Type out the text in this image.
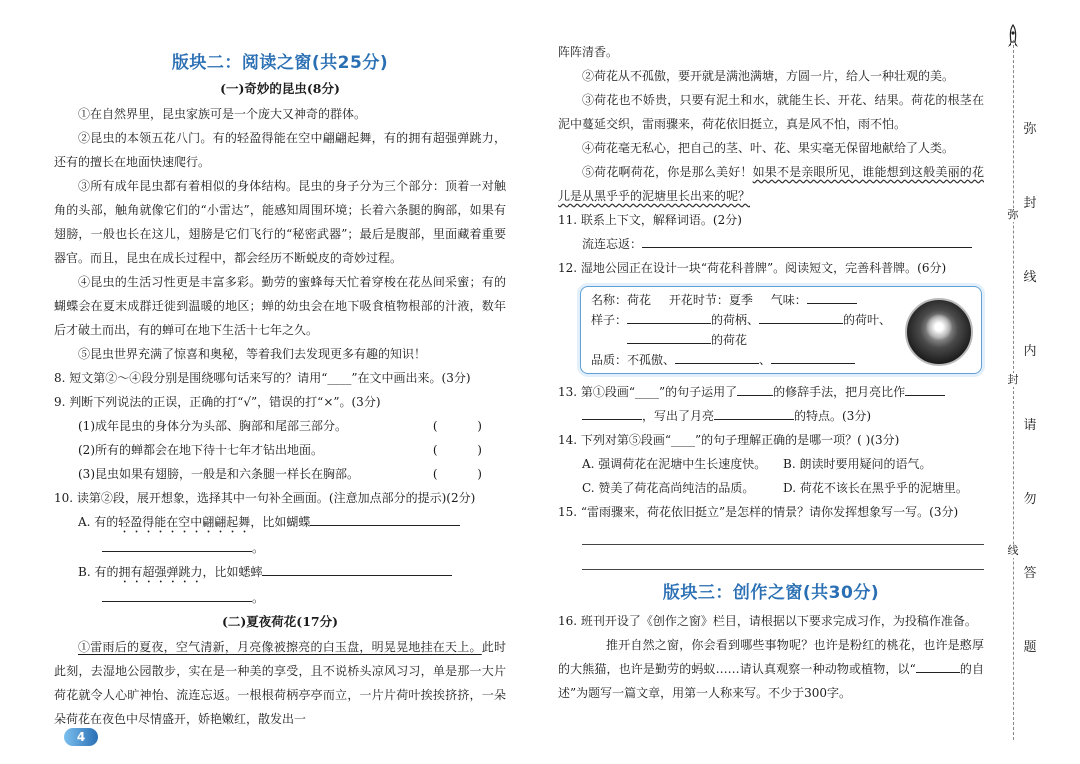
版块二：阅读之窗(共25分)
(一)奇妙的昆虫(8分)

①在自然界里，昆虫家族可是一个庞大又神奇的群体。

②昆虫的本领五花八门。有的轻盈得能在空中翩翩起舞，有的拥有超强弹跳力，还有的擅长在地面快速爬行。

③所有成年昆虫都有着相似的身体结构。昆虫的身子分为三个部分：顶着一对触角的头部，触角就像它们的“小雷达”，能感知周围环境；长着六条腿的胸部，如果有翅膀，一般也长在这儿，翅膀是它们飞行的“秘密武器”；最后是腹部，里面藏着重要器官。而且，昆虫在成长过程中，都会经历不断蜕皮的奇妙过程。

④昆虫的生活习性更是丰富多彩。勤劳的蜜蜂每天忙着穿梭在花丛间采蜜；有的蝴蝶会在夏末成群迁徙到温暖的地区；蝉的幼虫会在地下吸食植物根部的汁液，数年后才破土而出，有的蝉可在地下生活十七年之久。

⑤昆虫世界充满了惊喜和奥秘，等着我们去发现更多有趣的知识！

8. 短文第②～④段分别是围绕哪句话来写的？请用“____”在文中画出来。(3分)

9. 判断下列说法的正误，正确的打“√”，错误的打“×”。(3分)

(1)成年昆虫的身体分为头部、胸部和尾部三部分。	( )
(2)所有的蝉都会在地下待十七年才钻出地面。	( )
(3)昆虫如果有翅膀，一般是和六条腿一样长在胸部。	( )

10. 读第②段，展开想象，选择其中一句补全画面。(注意加点部分的提示)(2分)

A. 有的轻盈得能在空中翩翩起舞，比如蝴蝶

。

B. 有的拥有超强弹跳力，比如蟋蟀

。

(二)夏夜荷花(17分)

①雷雨后的夏夜，空气清新，月亮像被擦亮的白玉盘，明晃晃地挂在天上。此时此刻，去湿地公园散步，实在是一种美的享受，且不说桥头凉风习习，单是那一大片荷花就令人心旷神怡、流连忘返。一根根荷柄亭亭而立，一片片荷叶挨挨挤挤，一朵朵荷花在夜色中尽情盛开，娇艳嫩红，散发出一

4

阵阵清香。

②荷花从不孤傲，要开就是满池满塘，方圆一片，给人一种壮观的美。

③荷花也不娇贵，只要有泥土和水，就能生长、开花、结果。荷花的根茎在泥中蔓延交织，雷雨骤来，荷花依旧挺立，真是风不怕，雨不怕。

④荷花毫无私心，把自己的茎、叶、花、果实毫无保留地献给了人类。

⑤荷花啊荷花，你是那么美好！如果不是亲眼所见，谁能想到这般美丽的花儿是从黑乎乎的泥塘里长出来的呢？

11. 联系上下文，解释词语。(2分)

流连忘返：

12. 湿地公园正在设计一块“荷花科普牌”。阅读短文，完善科普牌。(6分)

名称：荷花 开花时节：夏季 气味：
样子：	的荷柄、	的荷叶、
的荷花
品质：不孤傲、	、

13. 第①段画“____”的句子运用了	的修辞手法，把月亮比作

，写出了月亮	的特点。(3分)

14. 下列对第⑤段画“____”的句子理解正确的是哪一项？( )(3分)

A. 强调荷花在泥塘中生长速度快。	B. 朗读时要用疑问的语气。
C. 赞美了荷花高尚纯洁的品质。	D. 荷花不该长在黑乎乎的泥塘里。

15. “雷雨骤来，荷花依旧挺立”是怎样的情景？请你发挥想象写一写。(3分)

版块三：创作之窗(共30分)

16. 班刊开设了《创作之窗》栏目，请根据以下要求完成习作，为投稿作准备。

推开自然之窗，你会看到哪些事物呢？也许是粉红的桃花，也许是憨厚的大熊猫，也许是勤劳的蚂蚁……请认真观察一种动物或植物，以“	的自述”为题写一篇文章，用第一人称来写。不少于300字。

弥
封
线
弥
封
线
内
请
勿
答
题
